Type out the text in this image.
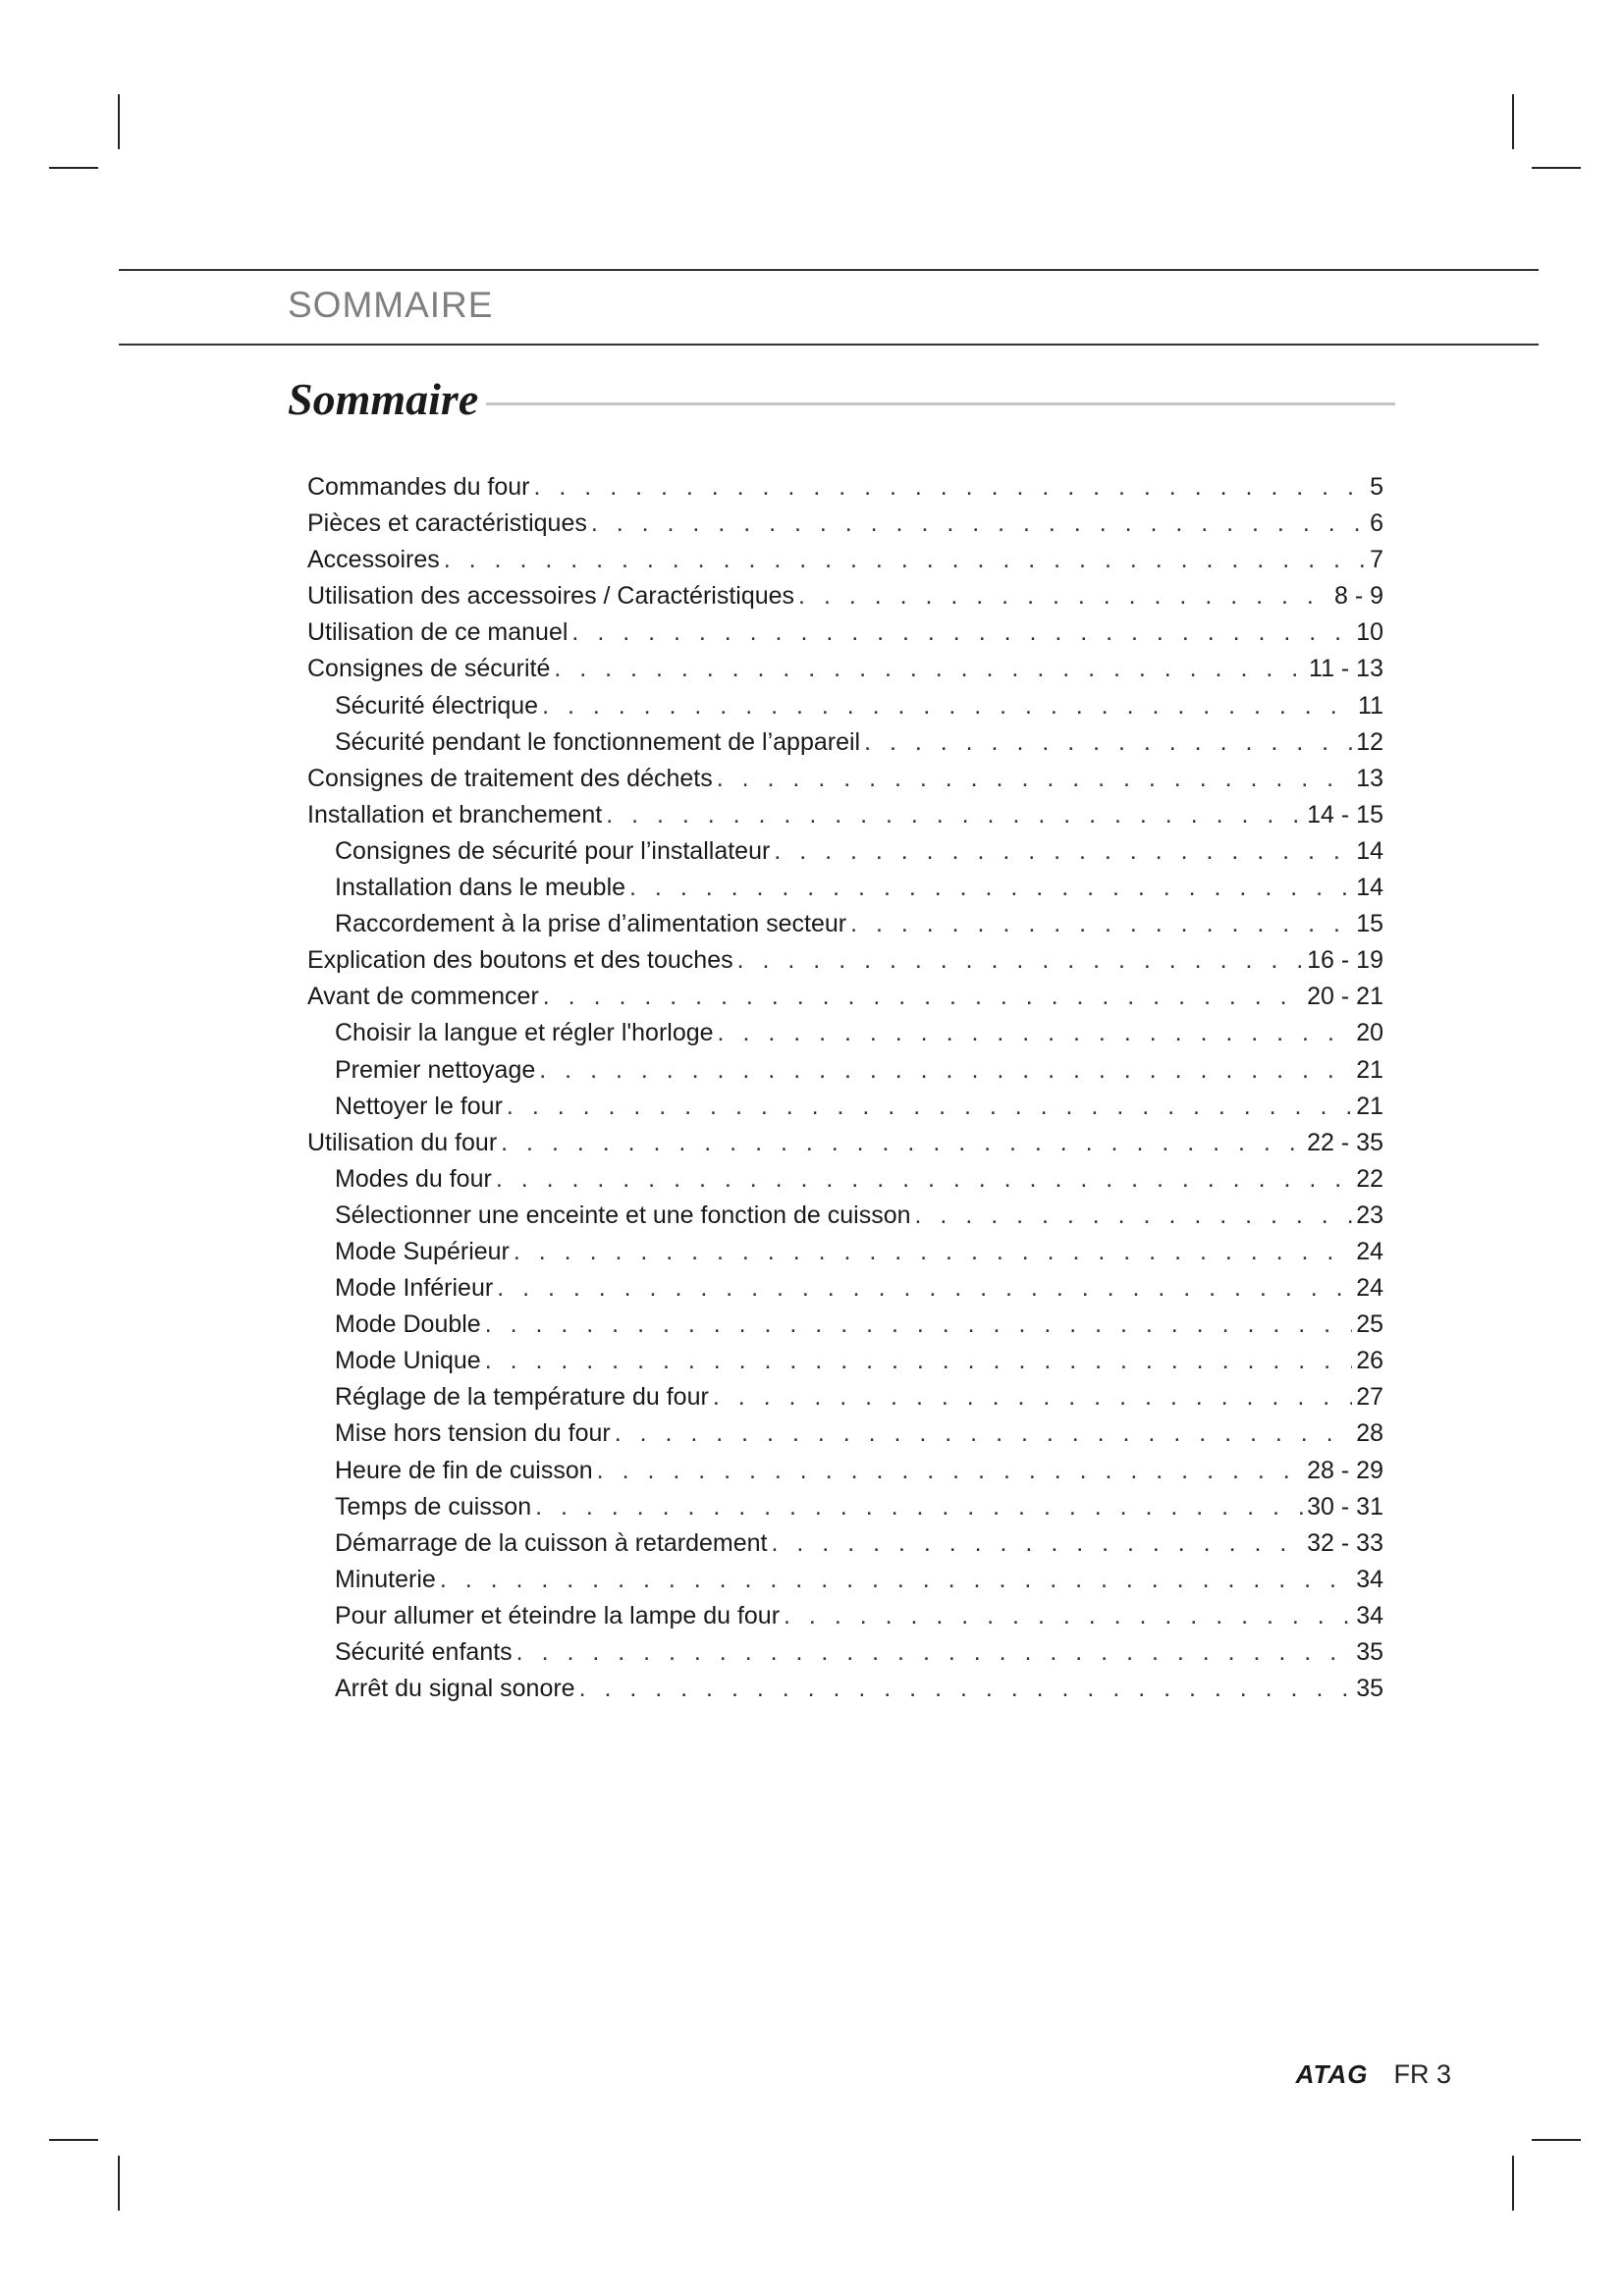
SOMMAIRE
Sommaire
Commandes du four . . .	5
Pièces et caractéristiques . . .	6
Accessoires . . .	7
Utilisation des accessoires / Caractéristiques . . .	8 - 9
Utilisation de ce manuel . . .	10
Consignes de sécurité . . .	11 - 13
Sécurité électrique . . .	11
Sécurité pendant le fonctionnement de l’appareil . . .	12
Consignes de traitement des déchets . . .	13
Installation et branchement . . .	14 - 15
Consignes de sécurité pour l’installateur . . .	14
Installation dans le meuble . . .	14
Raccordement à la prise d’alimentation secteur . . .	15
Explication des boutons et des touches . . .	16 - 19
Avant de commencer . . .	20 - 21
Choisir la langue et régler l'horloge . . .	20
Premier nettoyage . . .	21
Nettoyer le four . . .	21
Utilisation du four . . .	22 - 35
Modes du four . . .	22
Sélectionner une enceinte et une fonction de cuisson . . .	23
Mode Supérieur . . .	24
Mode Inférieur . . .	24
Mode Double . . .	25
Mode Unique . . .	26
Réglage de la température du four . . .	27
Mise hors tension du four . . .	28
Heure de fin de cuisson . . .	28 - 29
Temps de cuisson . . .	30 - 31
Démarrage de la cuisson à retardement . . .	32 - 33
Minuterie . . .	34
Pour allumer et éteindre la lampe du four . . .	34
Sécurité enfants . . .	35
Arrêt du signal sonore . . .	35
ATAG FR 3
